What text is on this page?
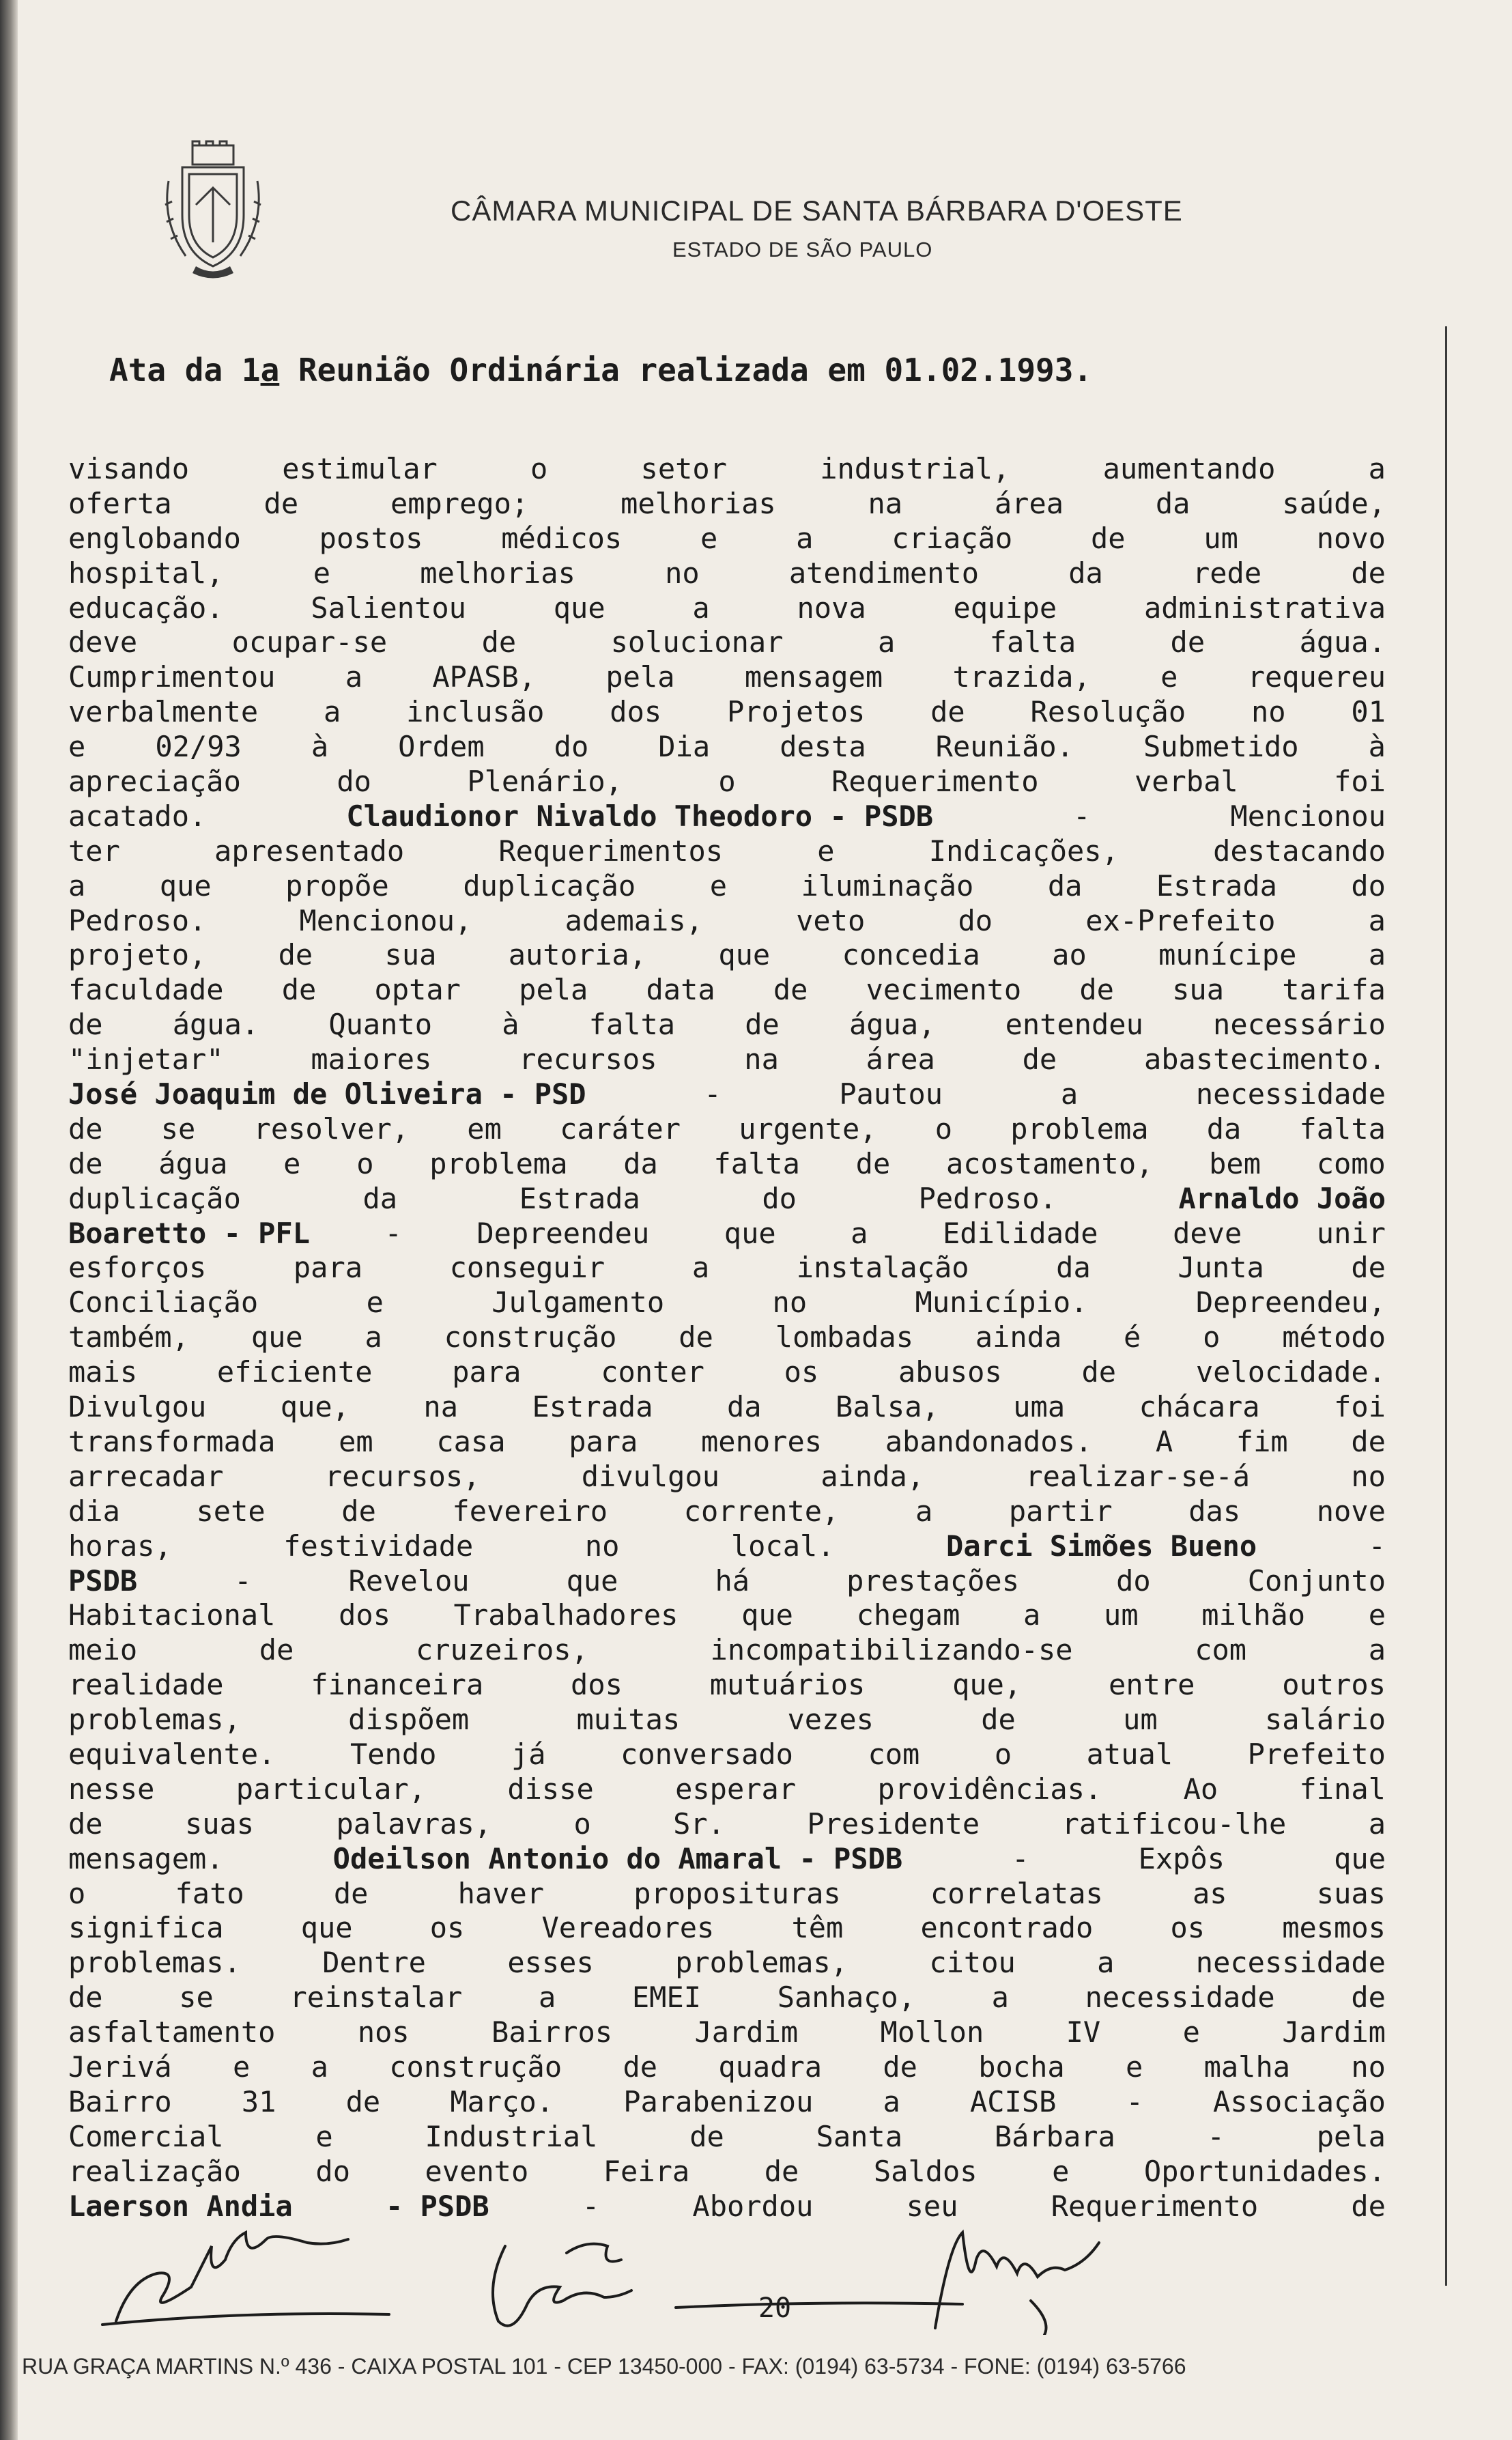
CÂMARA MUNICIPAL DE SANTA BÁRBARA D'OESTE
ESTADO DE SÃO PAULO
Ata da 1a Reunião Ordinária realizada em 01.02.1993.
visando	estimular	o	setor	industrial,	aumentando	a
oferta	de	emprego;	melhorias	na	área	da	saúde,
englobando	postos	médicos	e	a	criação	de	um	novo
hospital,	e	melhorias	no	atendimento	da	rede	de
educação.	Salientou	que	a	nova	equipe	administrativa
deve	ocupar-se	de	solucionar	a	falta	de	água.
Cumprimentou a APASB, pela mensagem trazida, e requereu
verbalmente a inclusão dos Projetos de Resolução no 01
e 02/93 à Ordem do Dia desta Reunião. Submetido à
apreciação	do	Plenário,	o	Requerimento	verbal	foi
acatado.	Claudionor Nivaldo Theodoro - PSDB	-	Mencionou
ter	apresentado	Requerimentos	e	Indicações,	destacando
a	que	propõe	duplicação	e	iluminação	da	Estrada	do
Pedroso.	Mencionou,	ademais,	veto	do	ex-Prefeito	a
projeto,	de	sua	autoria,	que	concedia	ao	munícipe	a
faculdade de optar pela data de vecimento de sua tarifa
de água. Quanto à falta de água, entendeu necessário
"injetar"	maiores	recursos	na	área	de	abastecimento.
José Joaquim de Oliveira - PSD	-	Pautou	a	necessidade
de se resolver, em caráter urgente, o problema da falta
de água e o problema da falta de acostamento, bem como
duplicação	da	Estrada	do	Pedroso.	Arnaldo João
Boaretto - PFL	-	Depreendeu	que	a	Edilidade	deve	unir
esforços	para	conseguir	a	instalação	da	Junta	de
Conciliação	e	Julgamento	no	Município.	Depreendeu,
também, que a construção de lombadas ainda é o método
mais	eficiente	para	conter	os	abusos	de	velocidade.
Divulgou	que,	na	Estrada	da	Balsa,	uma	chácara	foi
transformada em casa para menores abandonados. A fim de
arrecadar	recursos,	divulgou	ainda,	realizar-se-á	no
dia	sete	de	fevereiro	corrente,	a	partir	das	nove
horas,	festividade	no	local.	Darci Simões Bueno	-
PSDB	-	Revelou	que	há	prestações	do	Conjunto
Habitacional dos Trabalhadores que chegam a um milhão e
meio	de	cruzeiros,	incompatibilizando-se	com	a
realidade	financeira	dos	mutuários	que,	entre	outros
problemas,	dispõem	muitas	vezes	de	um	salário
equivalente.	Tendo	já	conversado	com	o	atual	Prefeito
nesse	particular,	disse	esperar	providências.	Ao	final
de	suas	palavras,	o	Sr.	Presidente	ratificou-lhe	a
mensagem.	Odeilson Antonio do Amaral - PSDB	-	Expôs	que
o	fato	de	haver	proposituras	correlatas	as	suas
significa	que	os	Vereadores	têm	encontrado	os	mesmos
problemas.	Dentre	esses	problemas,	citou	a	necessidade
de	se	reinstalar	a	EMEI	Sanhaço,	a	necessidade	de
asfaltamento	nos	Bairros	Jardim	Mollon	IV	e	Jardim
Jerivá e a construção de quadra de bocha e malha no
Bairro 31 de Março. Parabenizou a ACISB - Associação
Comercial	e	Industrial	de	Santa	Bárbara	-	pela
realização	do	evento	Feira	de	Saldos	e	Oportunidades.
Laerson Andia	- PSDB	-	Abordou	seu	Requerimento	de
20
RUA GRAÇA MARTINS N.º 436 - CAIXA POSTAL 101 - CEP 13450-000 - FAX: (0194) 63-5734 - FONE: (0194) 63-5766
